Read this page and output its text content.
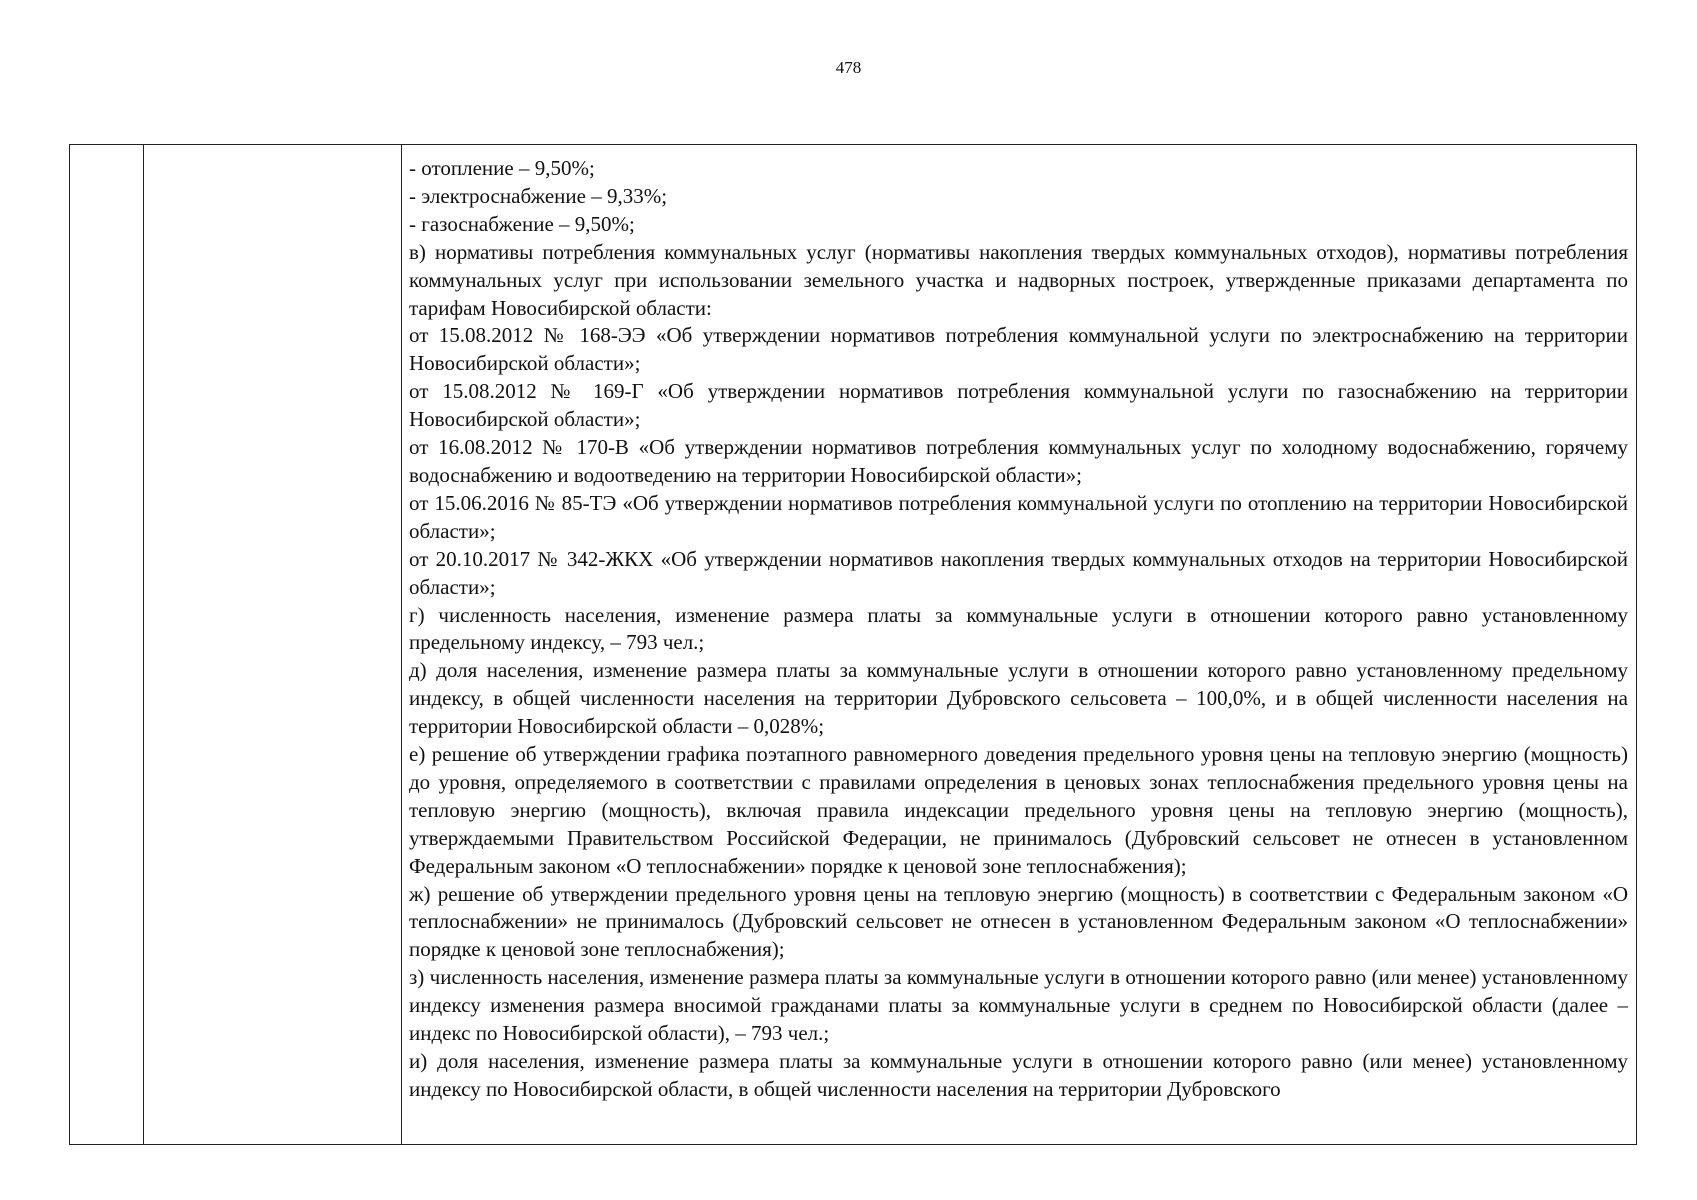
478

- отопление – 9,50%;

- электроснабжение – 9,33%;

- газоснабжение – 9,50%;

в) нормативы потребления коммунальных услуг (нормативы накопления твердых коммунальных отходов), нормативы потребления коммунальных услуг при использовании земельного участка и надворных построек, утвержденные приказами департамента по тарифам Новосибирской области:

от 15.08.2012 № 168-ЭЭ «Об утверждении нормативов потребления коммунальной услуги по электроснабжению на территории Новосибирской области»;

от 15.08.2012 № 169-Г «Об утверждении нормативов потребления коммунальной услуги по газоснабжению на территории Новосибирской области»;

от 16.08.2012 № 170-В «Об утверждении нормативов потребления коммунальных услуг по холодному водоснабжению, горячему водоснабжению и водоотведению на территории Новосибирской области»;

от 15.06.2016 № 85-ТЭ «Об утверждении нормативов потребления коммунальной услуги по отоплению на территории Новосибирской области»;

от 20.10.2017 № 342-ЖКХ «Об утверждении нормативов накопления твердых коммунальных отходов на территории Новосибирской области»;

г) численность населения, изменение размера платы за коммунальные услуги в отношении которого равно установленному предельному индексу, – 793 чел.;

д) доля населения, изменение размера платы за коммунальные услуги в отношении которого равно установленному предельному индексу, в общей численности населения на территории Дубровского сельсовета – 100,0%, и в общей численности населения на территории Новосибирской области – 0,028%;

е) решение об утверждении графика поэтапного равномерного доведения предельного уровня цены на тепловую энергию (мощность) до уровня, определяемого в соответствии с правилами определения в ценовых зонах теплоснабжения предельного уровня цены на тепловую энергию (мощность), включая правила индексации предельного уровня цены на тепловую энергию (мощность), утверждаемыми Правительством Российской Федерации, не принималось (Дубровский сельсовет не отнесен в установленном Федеральным законом «О теплоснабжении» порядке к ценовой зоне теплоснабжения);

ж) решение об утверждении предельного уровня цены на тепловую энергию (мощность) в соответствии с Федеральным законом «О теплоснабжении» не принималось (Дубровский сельсовет не отнесен в установленном Федеральным законом «О теплоснабжении» порядке к ценовой зоне теплоснабжения);

з) численность населения, изменение размера платы за коммунальные услуги в отношении которого равно (или менее) установленному индексу изменения размера вносимой гражданами платы за коммунальные услуги в среднем по Новосибирской области (далее – индекс по Новосибирской области), – 793 чел.;

и) доля населения, изменение размера платы за коммунальные услуги в отношении которого равно (или менее) установленному индексу по Новосибирской области, в общей численности населения на территории Дубровского
